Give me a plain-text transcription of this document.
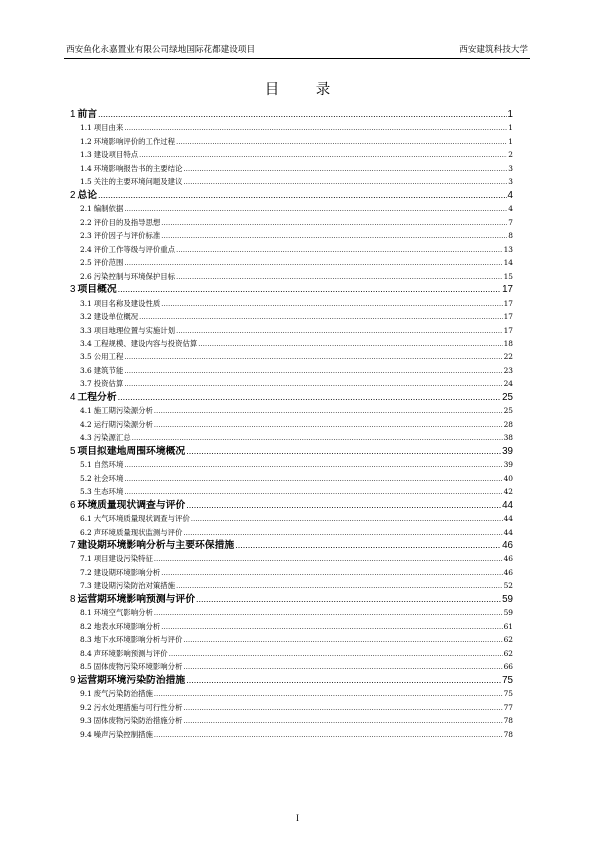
西安鱼化永嘉置业有限公司绿地国际花都建设项目	西安建筑科技大学
目 录
1 前言 .....	1
1.1 项目由来 .....	1
1.2 环境影响评价的工作过程 .....	1
1.3 建设项目特点 .....	2
1.4 环境影响报告书的主要结论 .....	3
1.5 关注的主要环境问题及建议 .....	3
2 总论 .....	4
2.1 编制依据 .....	4
2.2 评价目的及指导思想 .....	7
2.3 评价因子与评价标准 .....	8
2.4 评价工作等级与评价重点 .....	13
2.5 评价范围 .....	14
2.6 污染控制与环境保护目标 .....	15
3 项目概况 .....	17
3.1 项目名称及建设性质 .....	17
3.2 建设单位概况 .....	17
3.3 项目地理位置与实施计划 .....	17
3.4 工程规模、建设内容与投资估算 .....	18
3.5 公用工程 .....	22
3.6 建筑节能 .....	23
3.7 投资估算 .....	24
4 工程分析 .....	25
4.1 施工期污染源分析 .....	25
4.2 运行期污染源分析 .....	28
4.3 污染源汇总 .....	38
5 项目拟建地周围环境概况 .....	39
5.1 自然环境 .....	39
5.2 社会环境 .....	40
5.3 生态环境 .....	42
6 环境质量现状调查与评价 .....	44
6.1 大气环境质量现状调查与评价 .....	44
6.2 声环境质量现状监测与评价 .....	44
7 建设期环境影响分析与主要环保措施 .....	46
7.1 项目建设污染特征 .....	46
7.2 建设期环境影响分析 .....	46
7.3 建设期污染防治对策措施 .....	52
8 运营期环境影响预测与评价 .....	59
8.1 环境空气影响分析 .....	59
8.2 地表水环境影响分析 .....	61
8.3 地下水环境影响分析与评价 .....	62
8.4 声环境影响预测与评价 .....	62
8.5 固体废物污染环境影响分析 .....	66
9 运营期环境污染防治措施 .....	75
9.1 废气污染防治措施 .....	75
9.2 污水处理措施与可行性分析 .....	77
9.3 固体废物污染防治措施分析 .....	78
9.4 噪声污染控制措施 .....	78
I
